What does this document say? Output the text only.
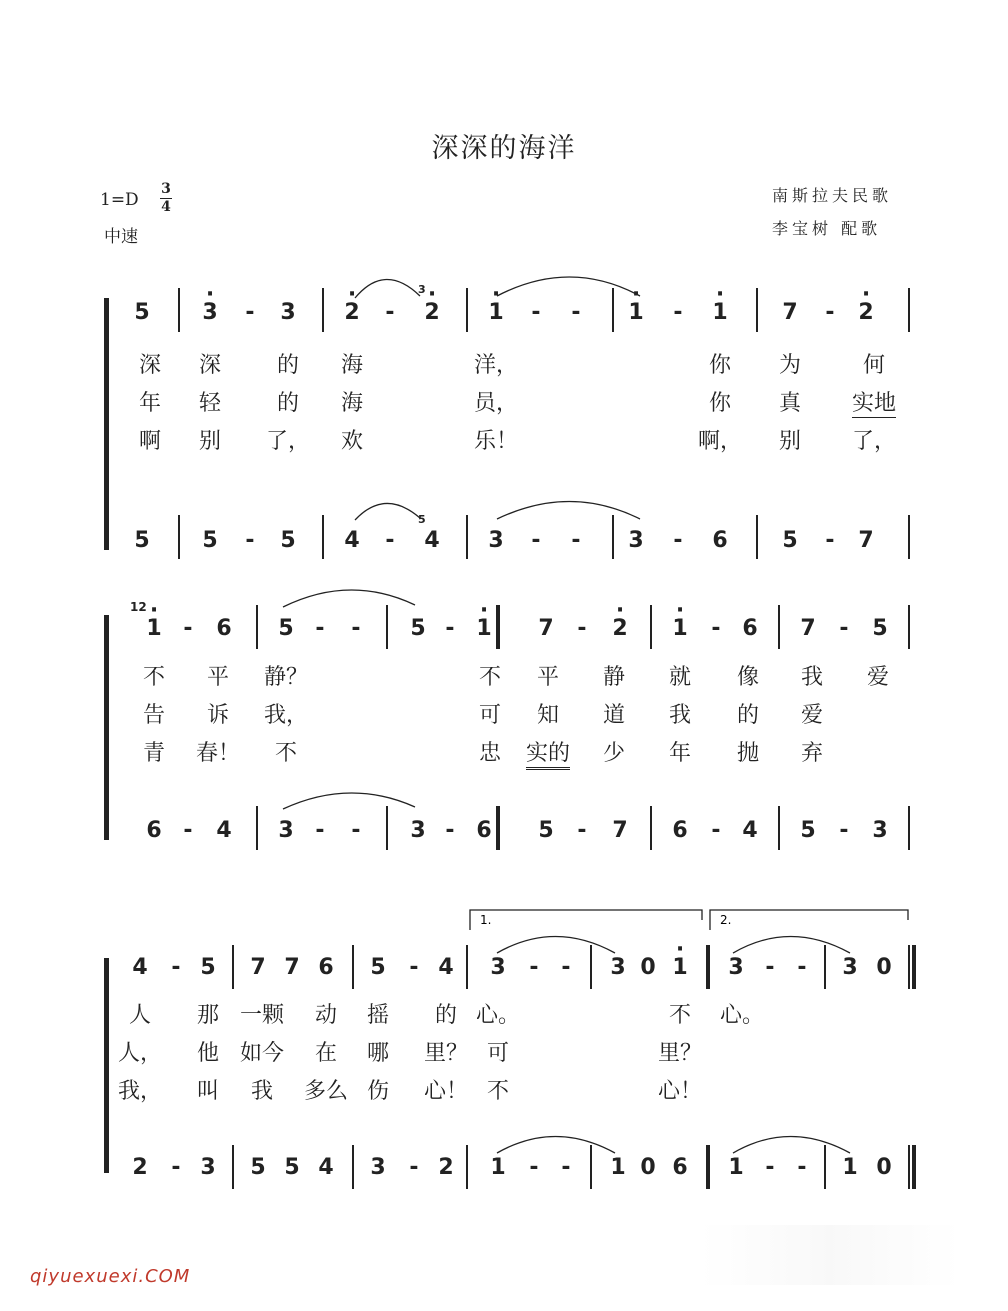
深深的海洋
1=D
3
4
中速
南斯拉夫民歌
李宝树 配歌
5 · 3 - 3 · 2 - · 2 · 1 - - · 1 - · 1 7 - · 2
5 5 - 5 4 - 4 3 - - 3 - 6 5 - 7
深 深	的 海	洋，	你 为	何
年 轻	的 海	员，	你 真 实地
啊 别 了， 欢	乐！	啊， 别 了，
3
5
· 1 - 6 5 - - 5 - · 1 7 - · 2 · 1 - 6 7 - 5
6 - 4 3 - - 3 - 6 5 - 7 6 - 4 5 - 3
12
不 平 静？	不 平 静 就 像 我 爱
告 诉 我，	可 知 道 我 的 爱
青 春！ 不	忠 实的 少 年 抛 弃
4 - 5 7 7 6 5 - 4 3 - - 3 0 · 1 3 - - 3 0
2 - 3 5 5 4 3 - 2 1 - - 1 0 6 1 - - 1 0
人 那 一颗 动 摇 的 心。	不 心。
人， 他 如今 在 哪 里？ 可	里？
我， 叫 我 多么 伤 心！ 不	心！
1.	2.
qiyuexuexi.COM
